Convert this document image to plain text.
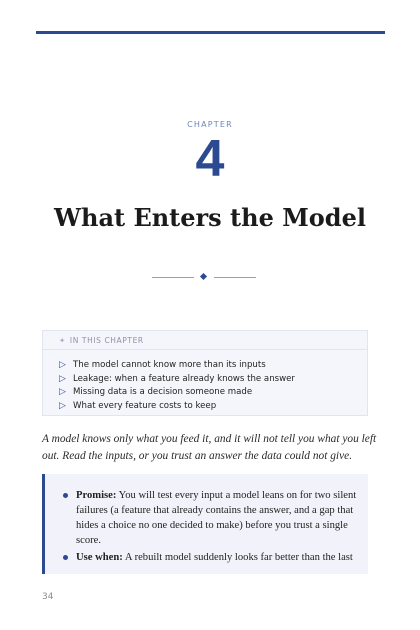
CHAPTER
4
What Enters the Model
✦ IN THIS CHAPTER
▷ The model cannot know more than its inputs
▷ Leakage: when a feature already knows the answer
▷ Missing data is a decision someone made
▷ What every feature costs to keep
A model knows only what you feed it, and it will not tell you what you left out. Read the inputs, or you trust an answer the data could not give.
Promise: You will test every input a model leans on for two silent failures (a feature that already contains the answer, and a gap that hides a choice no one decided to make) before you trust a single score.
Use when: A rebuilt model suddenly looks far better than the last
34
